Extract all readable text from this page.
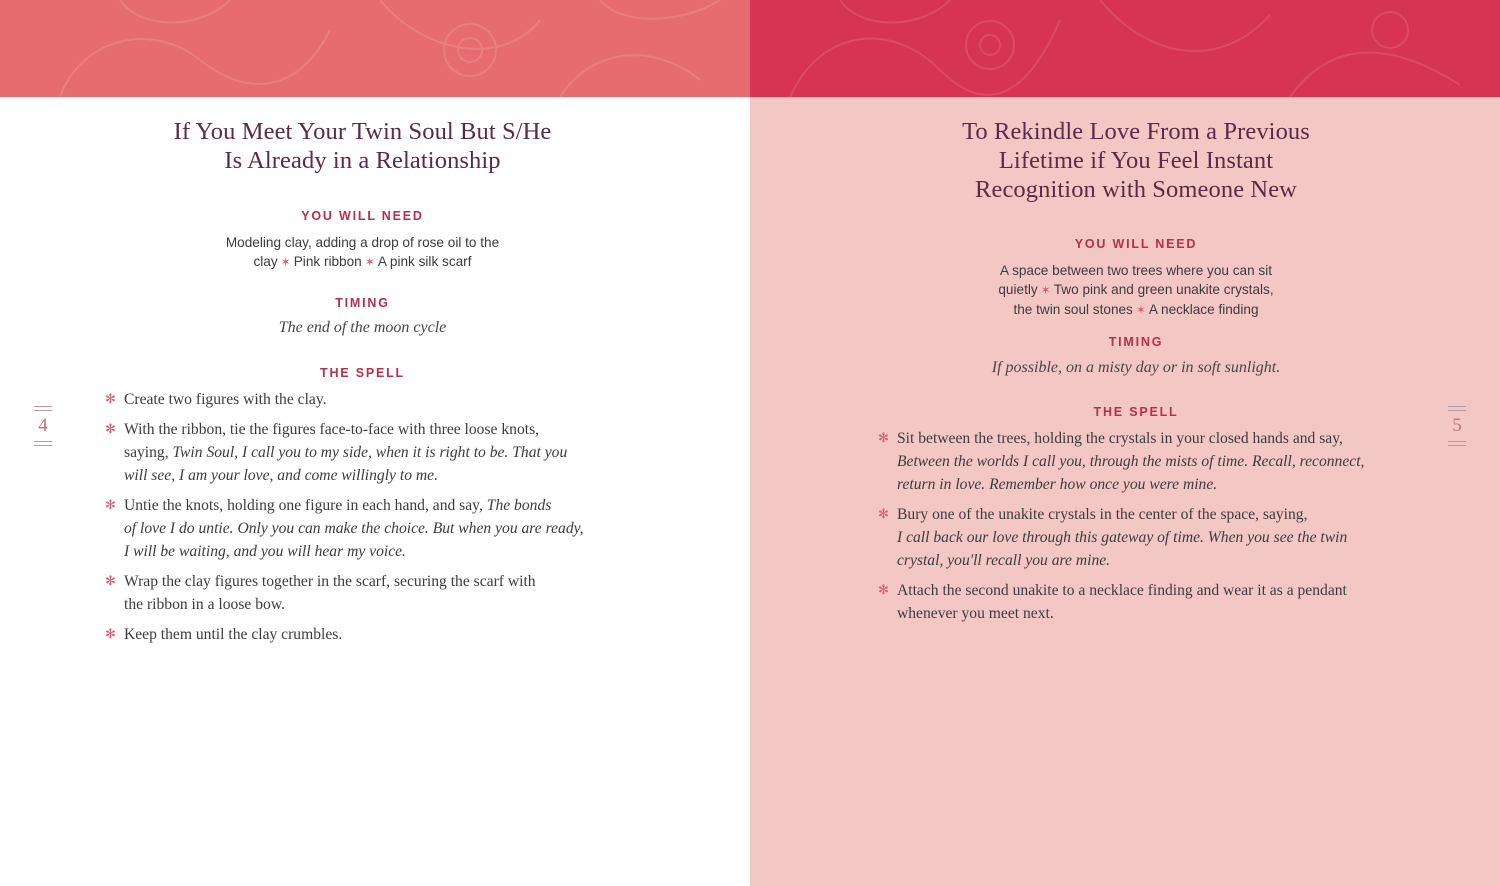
If You Meet Your Twin Soul But S/He
Is Already in a Relationship
YOU WILL NEED
Modeling clay, adding a drop of rose oil to the
clay ✶ Pink ribbon ✶ A pink silk scarf
TIMING
The end of the moon cycle
THE SPELL
✻ Create two figures with the clay.
✻ With the ribbon, tie the figures face-to-face with three loose knots,
saying, Twin Soul, I call you to my side, when it is right to be. That you
will see, I am your love, and come willingly to me.
✻ Untie the knots, holding one figure in each hand, and say, The bonds
of love I do untie. Only you can make the choice. But when you are ready,
I will be waiting, and you will hear my voice.
✻ Wrap the clay figures together in the scarf, securing the scarf with
the ribbon in a loose bow.
✻ Keep them until the clay crumbles.
4
To Rekindle Love From a Previous
Lifetime if You Feel Instant
Recognition with Someone New
YOU WILL NEED
A space between two trees where you can sit
quietly ✶ Two pink and green unakite crystals,
the twin soul stones ✶ A necklace finding
TIMING
If possible, on a misty day or in soft sunlight.
THE SPELL
✻ Sit between the trees, holding the crystals in your closed hands and say,
Between the worlds I call you, through the mists of time. Recall, reconnect,
return in love. Remember how once you were mine.
✻ Bury one of the unakite crystals in the center of the space, saying,
I call back our love through this gateway of time. When you see the twin
crystal, you'll recall you are mine.
✻ Attach the second unakite to a necklace finding and wear it as a pendant
whenever you meet next.
5
